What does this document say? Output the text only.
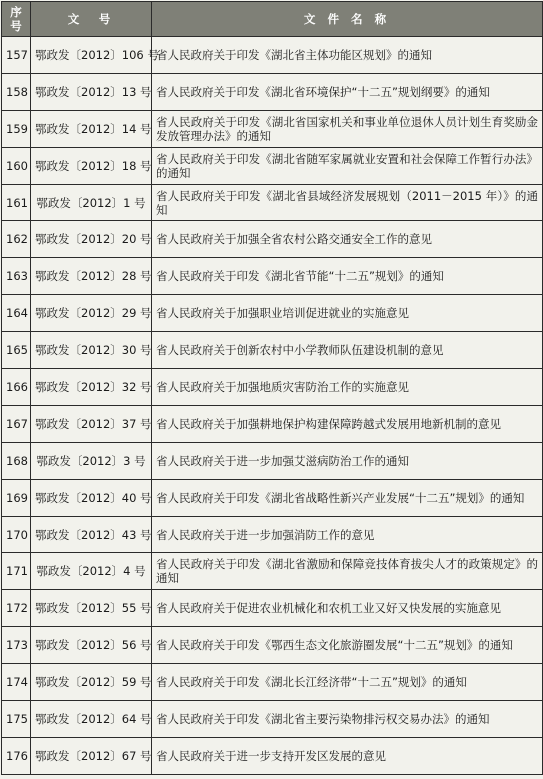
序号	文　号	文 件 名 称
157	鄂政发〔2012〕106 号	省人民政府关于印发《湖北省主体功能区规划》的通知
158	鄂政发〔2012〕13 号	省人民政府关于印发《湖北省环境保护“十二五”规划纲要》的通知
159	鄂政发〔2012〕14 号	省人民政府关于印发《湖北省国家机关和事业单位退休人员计划生育奖励金发放管理办法》的通知
160	鄂政发〔2012〕18 号	省人民政府关于印发《湖北省随军家属就业安置和社会保障工作暂行办法》的通知
161	鄂政发〔2012〕1 号	省人民政府关于印发《湖北省县域经济发展规划（2011－2015 年）》的通知
162	鄂政发〔2012〕20 号	省人民政府关于加强全省农村公路交通安全工作的意见
163	鄂政发〔2012〕28 号	省人民政府关于印发《湖北省节能“十二五”规划》的通知
164	鄂政发〔2012〕29 号	省人民政府关于加强职业培训促进就业的实施意见
165	鄂政发〔2012〕30 号	省人民政府关于创新农村中小学教师队伍建设机制的意见
166	鄂政发〔2012〕32 号	省人民政府关于加强地质灾害防治工作的实施意见
167	鄂政发〔2012〕37 号	省人民政府关于加强耕地保护构建保障跨越式发展用地新机制的意见
168	鄂政发〔2012〕3 号	省人民政府关于进一步加强艾滋病防治工作的通知
169	鄂政发〔2012〕40 号	省人民政府关于印发《湖北省战略性新兴产业发展“十二五”规划》的通知
170	鄂政发〔2012〕43 号	省人民政府关于进一步加强消防工作的意见
171	鄂政发〔2012〕4 号	省人民政府关于印发《湖北省激励和保障竞技体育拔尖人才的政策规定》的通知
172	鄂政发〔2012〕55 号	省人民政府关于促进农业机械化和农机工业又好又快发展的实施意见
173	鄂政发〔2012〕56 号	省人民政府关于印发《鄂西生态文化旅游圈发展“十二五”规划》的通知
174	鄂政发〔2012〕59 号	省人民政府关于印发《湖北长江经济带“十二五”规划》的通知
175	鄂政发〔2012〕64 号	省人民政府关于印发《湖北省主要污染物排污权交易办法》的通知
176	鄂政发〔2012〕67 号	省人民政府关于进一步支持开发区发展的意见
